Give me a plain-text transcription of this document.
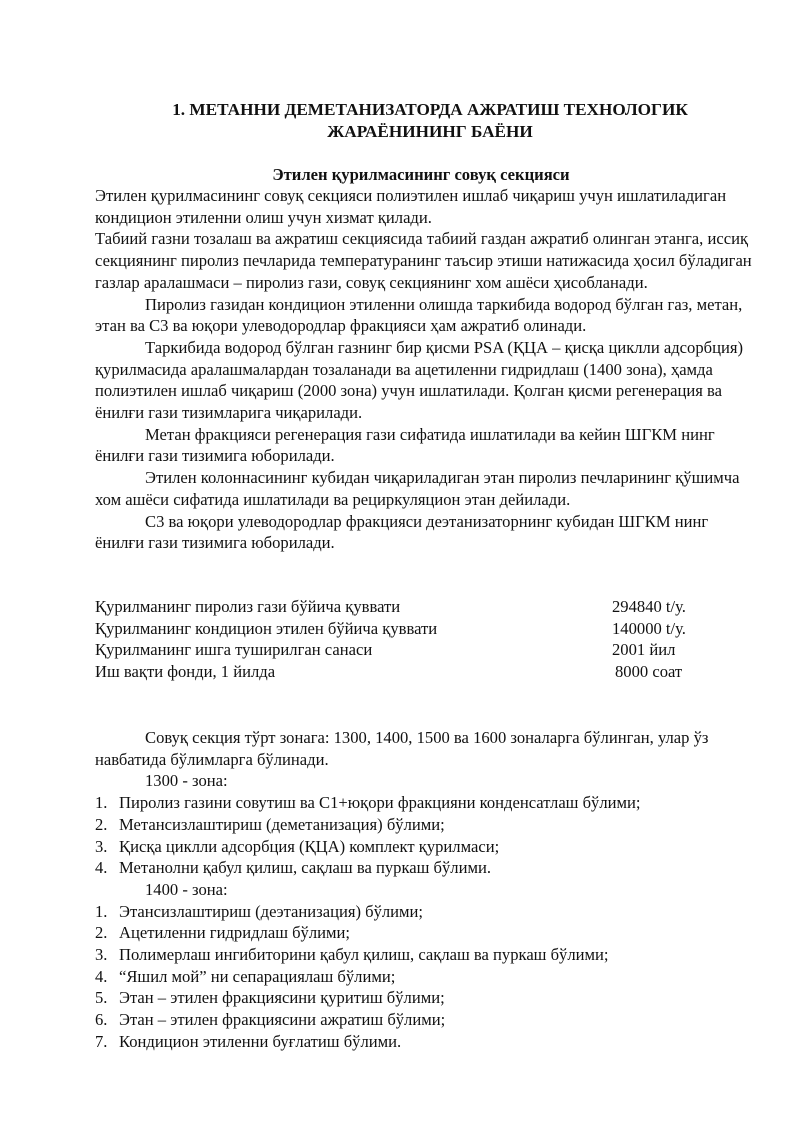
1. МЕТАННИ ДЕМЕТАНИЗАТОРДА АЖРАТИШ ТЕХНОЛОГИК
ЖАРАЁНИНИНГ БАЁНИ
Этилен қурилмасининг совуқ секцияси

Этилен қурилмасининг совуқ секцияси полиэтилен ишлаб чиқариш учун ишлатиладиган кондицион этиленни олиш учун хизмат қилади.

Табиий газни тозалаш ва ажратиш секциясида табиий газдан ажратиб олинган этанга, иссиқ секциянинг пиролиз печларида температуранинг таъсир этиши натижасида ҳосил бўладиган газлар аралашмаси – пиролиз гази, совуқ секциянинг хом ашёси ҳисобланади.

Пиролиз газидан кондицион этиленни олишда таркибида водород бўлган газ, метан, этан ва С3 ва юқори улеводородлар фракцияси ҳам ажратиб олинади.

Таркибида водород бўлган газнинг бир қисми PSA (ҚЦА – қисқа циклли адсорбция) қурилмасида аралашмалардан тозаланади ва ацетиленни гидридлаш (1400 зона), ҳамда полиэтилен ишлаб чиқариш (2000 зона) учун ишлатилади. Қолган қисми регенерация ва ёнилғи гази тизимларига чиқарилади.

Метан фракцияси регенерация гази сифатида ишлатилади ва кейин ШГКМ нинг ёнилғи гази тизимига юборилади.

Этилен колоннасининг кубидан чиқариладиган этан пиролиз печларининг қўшимча хом ашёси сифатида ишлатилади ва рециркуляцион этан дейилади.

С3 ва юқори улеводородлар фракцияси деэтанизаторнинг кубидан ШГКМ нинг ёнилғи гази тизимига юборилади.

Қурилманинг пиролиз гази бўйича қуввати	294840 t/у.
Қурилманинг кондицион этилен бўйича қуввати	140000 t/у.
Қурилманинг ишга туширилган санаси	2001 йил
Иш вақти фонди, 1 йилда	8000 соат

Совуқ секция тўрт зонага: 1300, 1400, 1500 ва 1600 зоналарга бўлинган, улар ўз навбатида бўлимларга бўлинади.

1300 - зона:

1. Пиролиз газини совутиш ва С1+юқори фракцияни конденсатлаш бўлими;
2. Метансизлаштириш (деметанизация) бўлими;
3. Қисқа циклли адсорбция (ҚЦА) комплект қурилмаси;
4. Метанолни қабул қилиш, сақлаш ва пуркаш бўлими.

1400 - зона:

1. Этансизлаштириш (деэтанизация) бўлими;
2. Ацетиленни гидридлаш бўлими;
3. Полимерлаш ингибиторини қабул қилиш, сақлаш ва пуркаш бўлими;
4. “Яшил мой” ни сепарациялаш бўлими;
5. Этан – этилен фракциясини қуритиш бўлими;
6. Этан – этилен фракциясини ажратиш бўлими;
7. Кондицион этиленни буғлатиш бўлими.
